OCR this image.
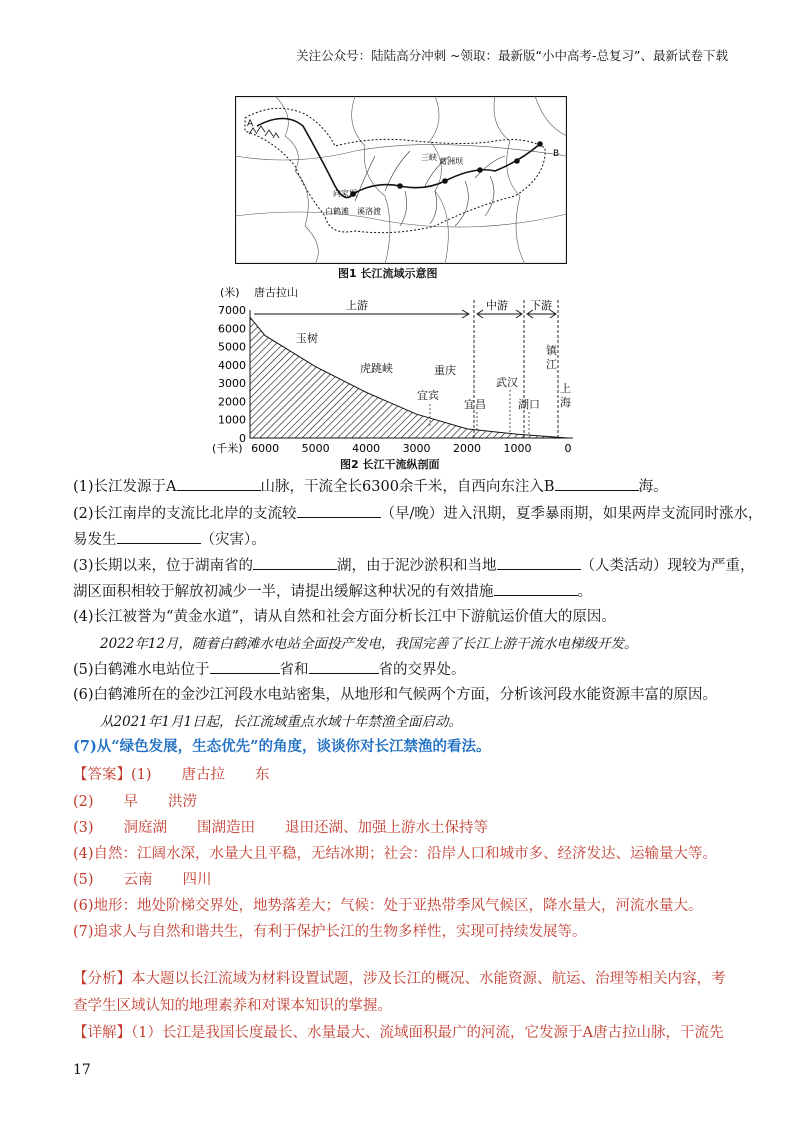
关注公众号：陆陆高分冲刺 ~领取：最新版“小中高考-总复习”、最新试卷下载
A
B
三峡 葛洲坝
向家坝
白鹤滩 溪洛渡
图1 长江流域示意图
7000
6000
5000
4000
3000
2000
1000
0
6000 5000 4000 3000 2000 1000	0
(米) 唐古拉山
(千米)
上游	中游 下游
玉树
虎跳峡	重庆
宜宾
宜昌
武汉
湖口
镇
江
上
海
图2 长江干流纵剖面
(1)长江发源于A	山脉，干流全长6300余千米，自西向东注入B	海。
(2)长江南岸的支流比北岸的支流较	（早/晚）进入汛期，夏季暴雨期，如果两岸支流同时涨水，
易发生	（灾害）。
(3)长期以来，位于湖南省的	湖，由于泥沙淤积和当地	（人类活动）现较为严重，
湖区面积相较于解放初减少一半，请提出缓解这种状况的有效措施	。
(4)长江被誉为“黄金水道”，请从自然和社会方面分析长江中下游航运价值大的原因。
2022年12月，随着白鹤滩水电站全面投产发电，我国完善了长江上游干流水电梯级开发。
(5)白鹤滩水电站位于	省和	省的交界处。
(6)白鹤滩所在的金沙江河段水电站密集，从地形和气候两个方面，分析该河段水能资源丰富的原因。
从2021年1月1日起，长江流域重点水域十年禁渔全面启动。
(7)从“绿色发展，生态优先”的角度，谈谈你对长江禁渔的看法。
【答案】(1) 唐古拉 东
(2) 早 洪涝
(3) 洞庭湖 围湖造田 退田还湖、加强上游水土保持等
(4)自然：江阔水深，水量大且平稳，无结冰期；社会：沿岸人口和城市多、经济发达、运输量大等。
(5) 云南 四川
(6)地形：地处阶梯交界处，地势落差大；气候：处于亚热带季风气候区，降水量大，河流水量大。
(7)追求人与自然和谐共生，有利于保护长江的生物多样性，实现可持续发展等。
【分析】本大题以长江流域为材料设置试题，涉及长江的概况、水能资源、航运、治理等相关内容，考查学生区域认知的地理素养和对课本知识的掌握。
【详解】（1）长江是我国长度最长、水量最大、流域面积最广的河流，它发源于A唐古拉山脉，干流先
17
